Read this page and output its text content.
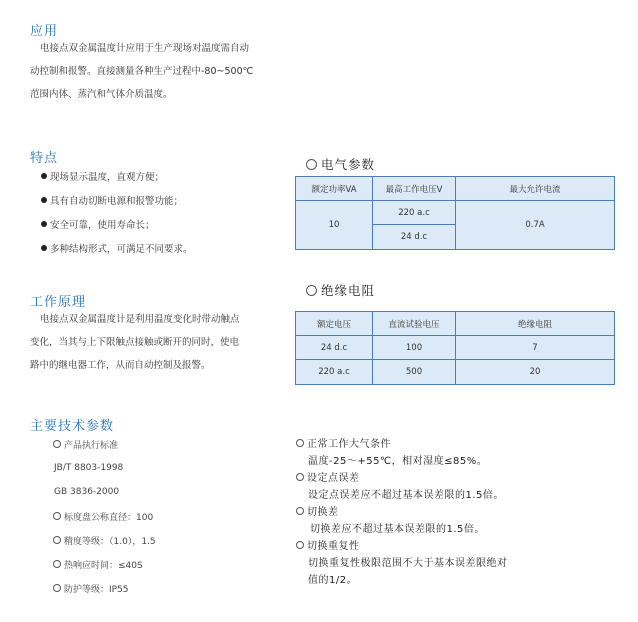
应用
电接点双金属温度计应用于生产现场对温度需自动
动控制和报警。直接测量各种生产过程中-80~500℃
范围内体、蒸汽和气体介质温度。
特点
现场显示温度，直观方便；
具有自动切断电源和报警功能；
安全可靠，使用寿命长；
多种结构形式，可满足不同要求。
工作原理
电接点双金属温度计是利用温度变化时带动触点
变化，当其与上下限触点接触或断开的同时，使电
路中的继电器工作，从而自动控制及报警。
主要技术参数
产品执行标准
JB/T 8803-1998
GB 3836-2000
标度盘公称直径：100
精度等级：（1.0），1.5
热响应时间：≤40S
防护等级：IP55
电气参数
额定功率VA	最高工作电压V	最大允许电流
10	220 a.c	0.7A
	24 d.c	
绝缘电阻
额定电压	直流试验电压	绝缘电阻
24 d.c	100	7
220 a.c	500	20
正常工作大气条件
温度-25～+55℃，相对湿度≤85%。
设定点误差
设定点误差应不超过基本误差限的1.5倍。
切换差
切换差应不超过基本误差限的1.5倍。
切换重复性
切换重复性极限范围不大于基本误差限绝对
值的1/2。
